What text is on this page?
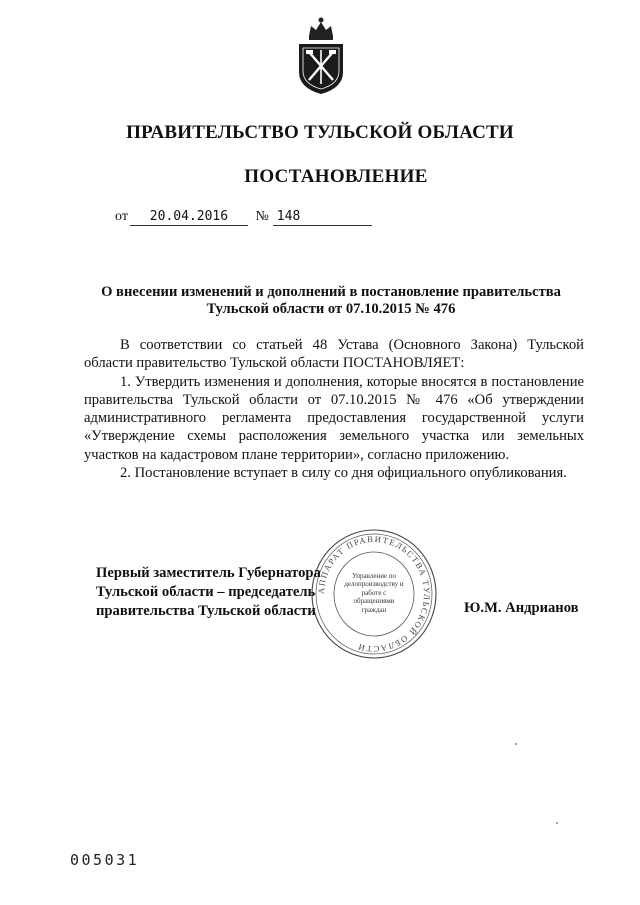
ПРАВИТЕЛЬСТВО ТУЛЬСКОЙ ОБЛАСТИ
ПОСТАНОВЛЕНИЕ
от 20.04.2016 № 148
О внесении изменений и дополнений в постановление правительства
Тульской области от 07.10.2015 № 476

В соответствии со статьей 48 Устава (Основного Закона) Тульской области правительство Тульской области ПОСТАНОВЛЯЕТ:

1. Утвердить изменения и дополнения, которые вносятся в постановление правительства Тульской области от 07.10.2015 № 476 «Об утверждении административного регламента предоставления государственной услуги «Утверждение схемы расположения земельного участка или земельных участков на кадастровом плане территории», согласно приложению.

2. Постановление вступает в силу со дня официального опубликования.

АППАРАТ ПРАВИТЕЛЬСТВА ТУЛЬСКОЙ ОБЛАСТИ
Управление по делопроизводству и работе с обращениями граждан
Первый заместитель Губернатора
Тульской области – председатель
правительства Тульской области	Ю.М. Андрианов
005031
